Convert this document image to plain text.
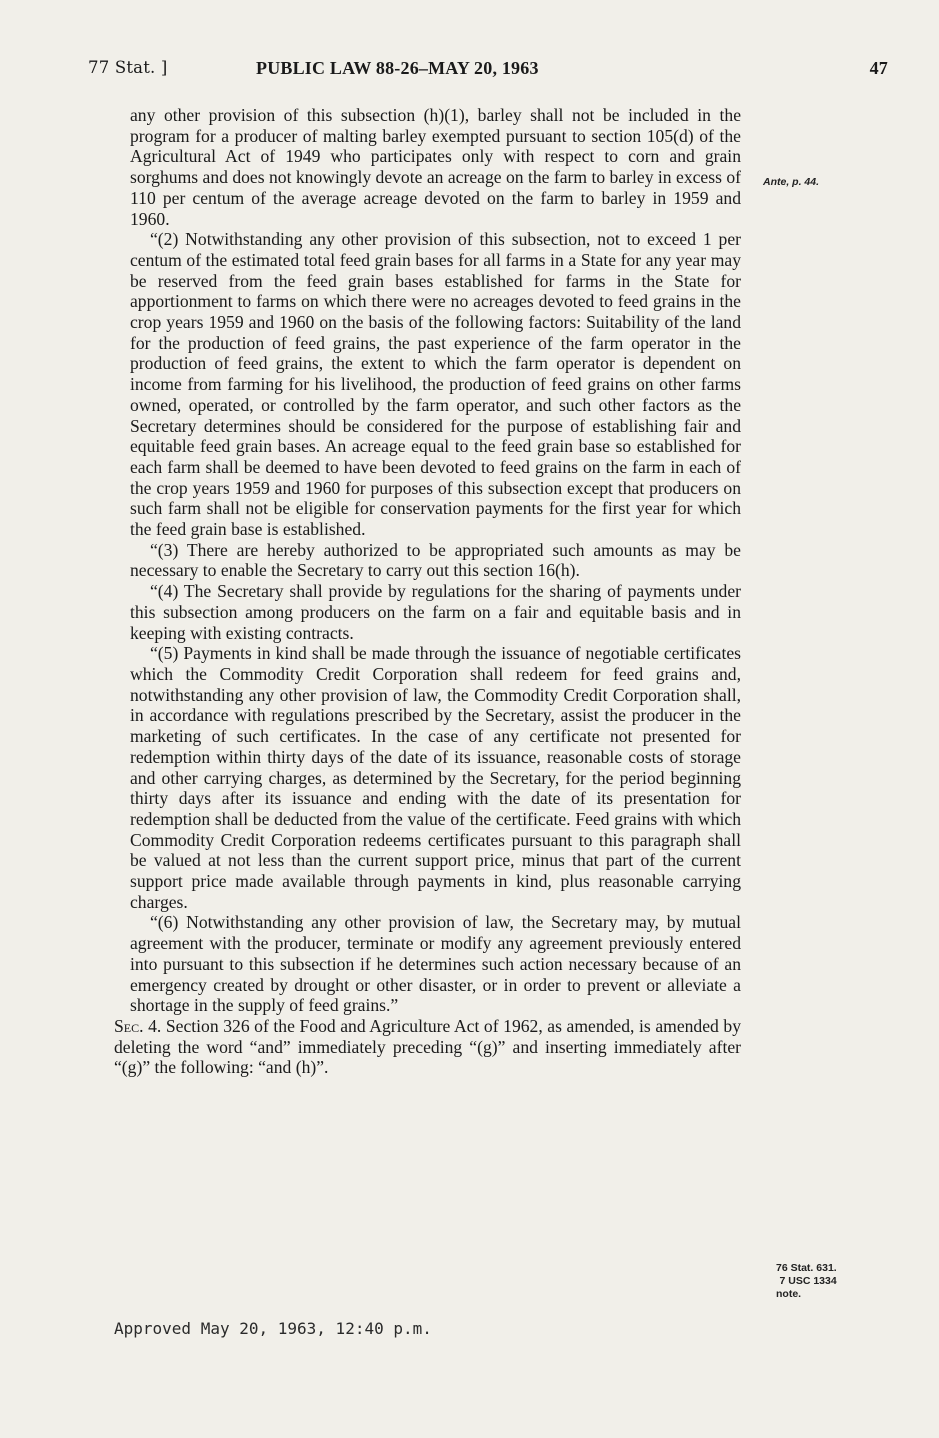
77 Stat. ]	PUBLIC LAW 88-26–MAY 20, 1963	47

any other provision of this subsection (h)(1), barley shall not be included in the program for a producer of malting barley exempted pursuant to section 105(d) of the Agricultural Act of 1949 who participates only with respect to corn and grain sorghums and does not knowingly devote an acreage on the farm to barley in excess of 110 per centum of the average acreage devoted on the farm to barley in 1959 and 1960.

“(2) Notwithstanding any other provision of this subsection, not to exceed 1 per centum of the estimated total feed grain bases for all farms in a State for any year may be reserved from the feed grain bases established for farms in the State for apportionment to farms on which there were no acreages devoted to feed grains in the crop years 1959 and 1960 on the basis of the following factors: Suitability of the land for the production of feed grains, the past experience of the farm operator in the production of feed grains, the extent to which the farm operator is dependent on income from farming for his livelihood, the production of feed grains on other farms owned, operated, or controlled by the farm operator, and such other factors as the Secretary determines should be considered for the purpose of establishing fair and equitable feed grain bases. An acreage equal to the feed grain base so established for each farm shall be deemed to have been devoted to feed grains on the farm in each of the crop years 1959 and 1960 for purposes of this subsection except that producers on such farm shall not be eligible for conservation payments for the first year for which the feed grain base is established.

“(3) There are hereby authorized to be appropriated such amounts as may be necessary to enable the Secretary to carry out this section 16(h).

“(4) The Secretary shall provide by regulations for the sharing of payments under this subsection among producers on the farm on a fair and equitable basis and in keeping with existing contracts.

“(5) Payments in kind shall be made through the issuance of negotiable certificates which the Commodity Credit Corporation shall redeem for feed grains and, notwithstanding any other provision of law, the Commodity Credit Corporation shall, in accordance with regulations prescribed by the Secretary, assist the producer in the marketing of such certificates. In the case of any certificate not presented for redemption within thirty days of the date of its issuance, reasonable costs of storage and other carrying charges, as determined by the Secretary, for the period beginning thirty days after its issuance and ending with the date of its presentation for redemption shall be deducted from the value of the certificate. Feed grains with which Commodity Credit Corporation redeems certificates pursuant to this paragraph shall be valued at not less than the current support price, minus that part of the current support price made available through payments in kind, plus reasonable carrying charges.

“(6) Notwithstanding any other provision of law, the Secretary may, by mutual agreement with the producer, terminate or modify any agreement previously entered into pursuant to this subsection if he determines such action necessary because of an emergency created by drought or other disaster, or in order to prevent or alleviate a shortage in the supply of feed grains.”

Sec. 4. Section 326 of the Food and Agriculture Act of 1962, as amended, is amended by deleting the word “and” immediately preceding “(g)” and inserting immediately after “(g)” the following: “and (h)”.

Approved May 20, 1963, 12:40 p.m.
Ante, p. 44.
76 Stat. 631.
7 USC 1334
note.
